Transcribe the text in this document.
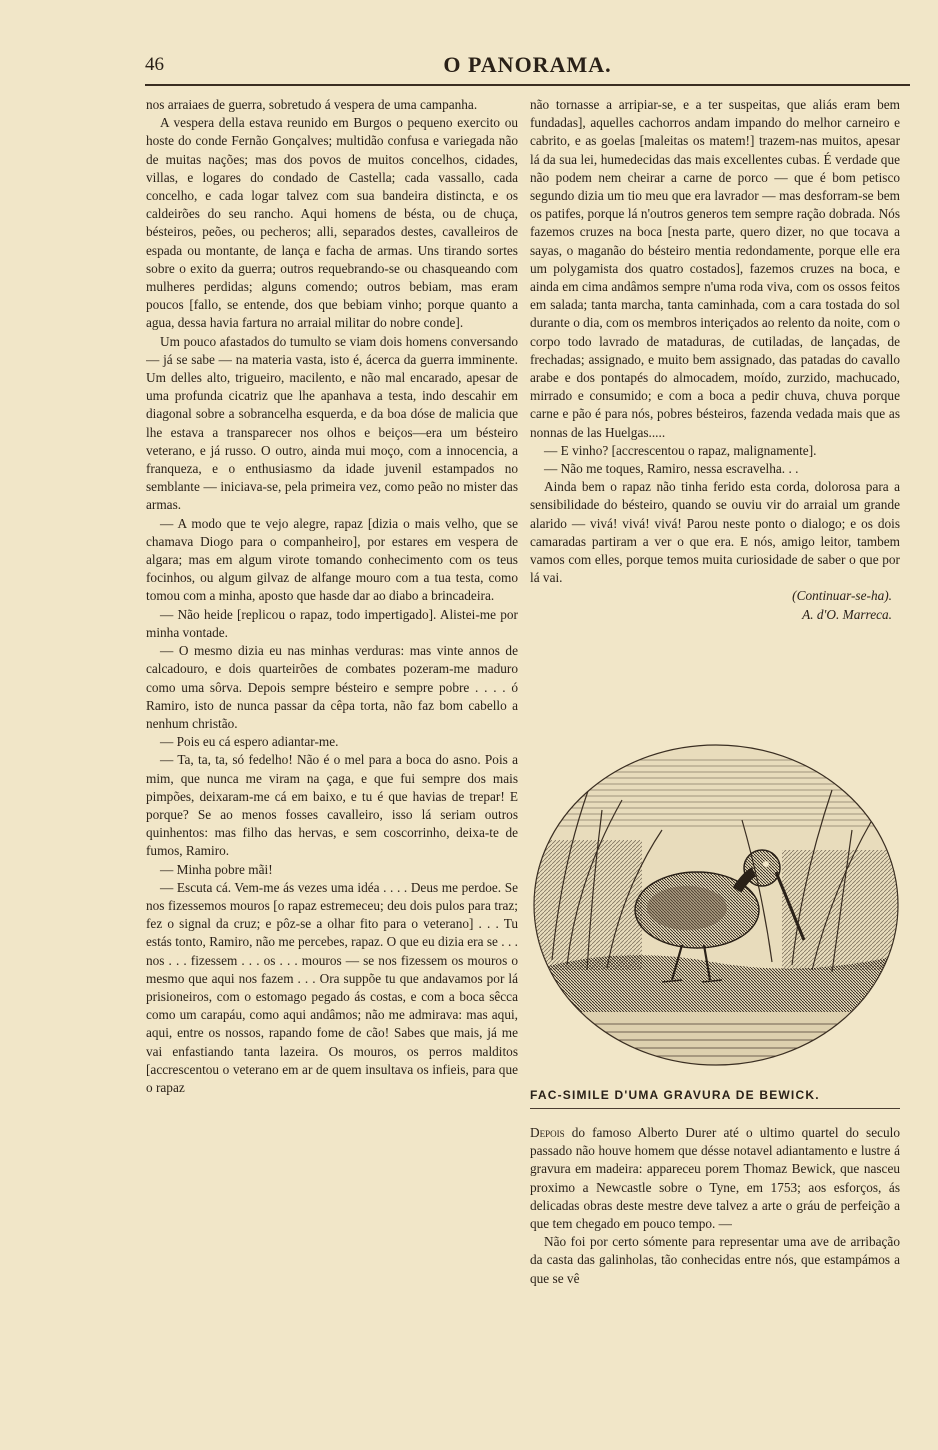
46	O PANORAMA.

nos arraiaes de guerra, sobretudo á vespera de uma campanha.

A vespera della estava reunido em Burgos o pequeno exercito ou hoste do conde Fernão Gonçalves; multidão confusa e variegada não de muitas nações; mas dos povos de muitos concelhos, cidades, villas, e logares do condado de Castella; cada vassallo, cada concelho, e cada logar talvez com sua bandeira distincta, e os caldeirões do seu rancho. Aqui homens de bésta, ou de chuça, bésteiros, peões, ou pecheros; alli, separados destes, cavalleiros de espada ou montante, de lança e facha de armas. Uns tirando sortes sobre o exito da guerra; outros requebrando-se ou chasqueando com mulheres perdidas; alguns comendo; outros bebiam, mas eram poucos [fallo, se entende, dos que bebiam vinho; porque quanto a agua, dessa havia fartura no arraial militar do nobre conde].

Um pouco afastados do tumulto se viam dois homens conversando — já se sabe — na materia vasta, isto é, ácerca da guerra imminente. Um delles alto, trigueiro, macilento, e não mal encarado, apesar de uma profunda cicatriz que lhe apanhava a testa, indo descahir em diagonal sobre a sobrancelha esquerda, e da boa dóse de malicia que lhe estava a transparecer nos olhos e beiços—era um bésteiro veterano, e já russo. O outro, ainda mui moço, com a innocencia, a franqueza, e o enthusiasmo da idade juvenil estampados no semblante — iniciava-se, pela primeira vez, como peão no mister das armas.

— A modo que te vejo alegre, rapaz [dizia o mais velho, que se chamava Diogo para o companheiro], por estares em vespera de algara; mas em algum virote tomando conhecimento com os teus focinhos, ou algum gilvaz de alfange mouro com a tua testa, como tomou com a minha, aposto que hasde dar ao diabo a brincadeira.

— Não heide [replicou o rapaz, todo impertigado]. Alistei-me por minha vontade.

— O mesmo dizia eu nas minhas verduras: mas vinte annos de calcadouro, e dois quarteirões de combates pozeram-me maduro como uma sôrva. Depois sempre bésteiro e sempre pobre . . . . ó Ramiro, isto de nunca passar da cêpa torta, não faz bom cabello a nenhum christão.

— Pois eu cá espero adiantar-me.

— Ta, ta, ta, só fedelho! Não é o mel para a boca do asno. Pois a mim, que nunca me viram na çaga, e que fui sempre dos mais pimpões, deixaram-me cá em baixo, e tu é que havias de trepar! E porque? Se ao menos fosses cavalleiro, isso lá seriam outros quinhentos: mas filho das hervas, e sem coscorrinho, deixa-te de fumos, Ramiro.

— Minha pobre mãi!

— Escuta cá. Vem-me ás vezes uma idéa . . . . Deus me perdoe. Se nos fizessemos mouros [o rapaz estremeceu; deu dois pulos para traz; fez o signal da cruz; e pôz-se a olhar fito para o veterano] . . . Tu estás tonto, Ramiro, não me percebes, rapaz. O que eu dizia era se . . . nos . . . fizessem . . . os . . . mouros — se nos fizessem os mouros o mesmo que aqui nos fazem . . . Ora suppõe tu que andavamos por lá prisioneiros, com o estomago pegado ás costas, e com a boca sêcca como um carapáu, como aqui andâmos; não me admirava: mas aqui, aqui, entre os nossos, rapando fome de cão! Sabes que mais, já me vai enfastiando tanta lazeira. Os mouros, os perros malditos [accrescentou o veterano em ar de quem insultava os infieis, para que o rapaz

não tornasse a arripiar-se, e a ter suspeitas, que aliás eram bem fundadas], aquelles cachorros andam impando do melhor carneiro e cabrito, e as goelas [maleitas os matem!] trazem-nas muitos, apesar lá da sua lei, humedecidas das mais excellentes cubas. É verdade que não podem nem cheirar a carne de porco — que é bom petisco segundo dizia um tio meu que era lavrador — mas desforram-se bem os patifes, porque lá n'outros generos tem sempre ração dobrada. Nós fazemos cruzes na boca [nesta parte, quero dizer, no que tocava a sayas, o maganão do bésteiro mentia redondamente, porque elle era um polygamista dos quatro costados], fazemos cruzes na boca, e ainda em cima andâmos sempre n'uma roda viva, com os ossos feitos em salada; tanta marcha, tanta caminhada, com a cara tostada do sol durante o dia, com os membros interiçados ao relento da noite, com o corpo todo lavrado de mataduras, de cutiladas, de lançadas, de frechadas; assignado, e muito bem assignado, das patadas do cavallo arabe e dos pontapés do almocadem, moído, zurzido, machucado, mirrado e consumido; e com a boca a pedir chuva, chuva porque carne e pão é para nós, pobres bésteiros, fazenda vedada mais que as nonnas de las Huelgas.....

— E vinho? [accrescentou o rapaz, malignamente].

— Não me toques, Ramiro, nessa escravelha. . .

Ainda bem o rapaz não tinha ferido esta corda, dolorosa para a sensibilidade do bésteiro, quando se ouviu vir do arraial um grande alarido — vivá! vivá! vivá! Parou neste ponto o dialogo; e os dois camaradas partiram a ver o que era. E nós, amigo leitor, tambem vamos com elles, porque temos muita curiosidade de saber o que por lá vai.

(Continuar-se-ha).

A. d'O. Marreca.

FAC-SIMILE D'UMA GRAVURA DE BEWICK.

Depois do famoso Alberto Durer até o ultimo quartel do seculo passado não houve homem que désse notavel adiantamento e lustre á gravura em madeira: appareceu porem Thomaz Bewick, que nasceu proximo a Newcastle sobre o Tyne, em 1753; aos esforços, ás delicadas obras deste mestre deve talvez a arte o gráu de perfeição a que tem chegado em pouco tempo. —

Não foi por certo sómente para representar uma ave de arribação da casta das galinholas, tão conhecidas entre nós, que estampámos a que se vê
